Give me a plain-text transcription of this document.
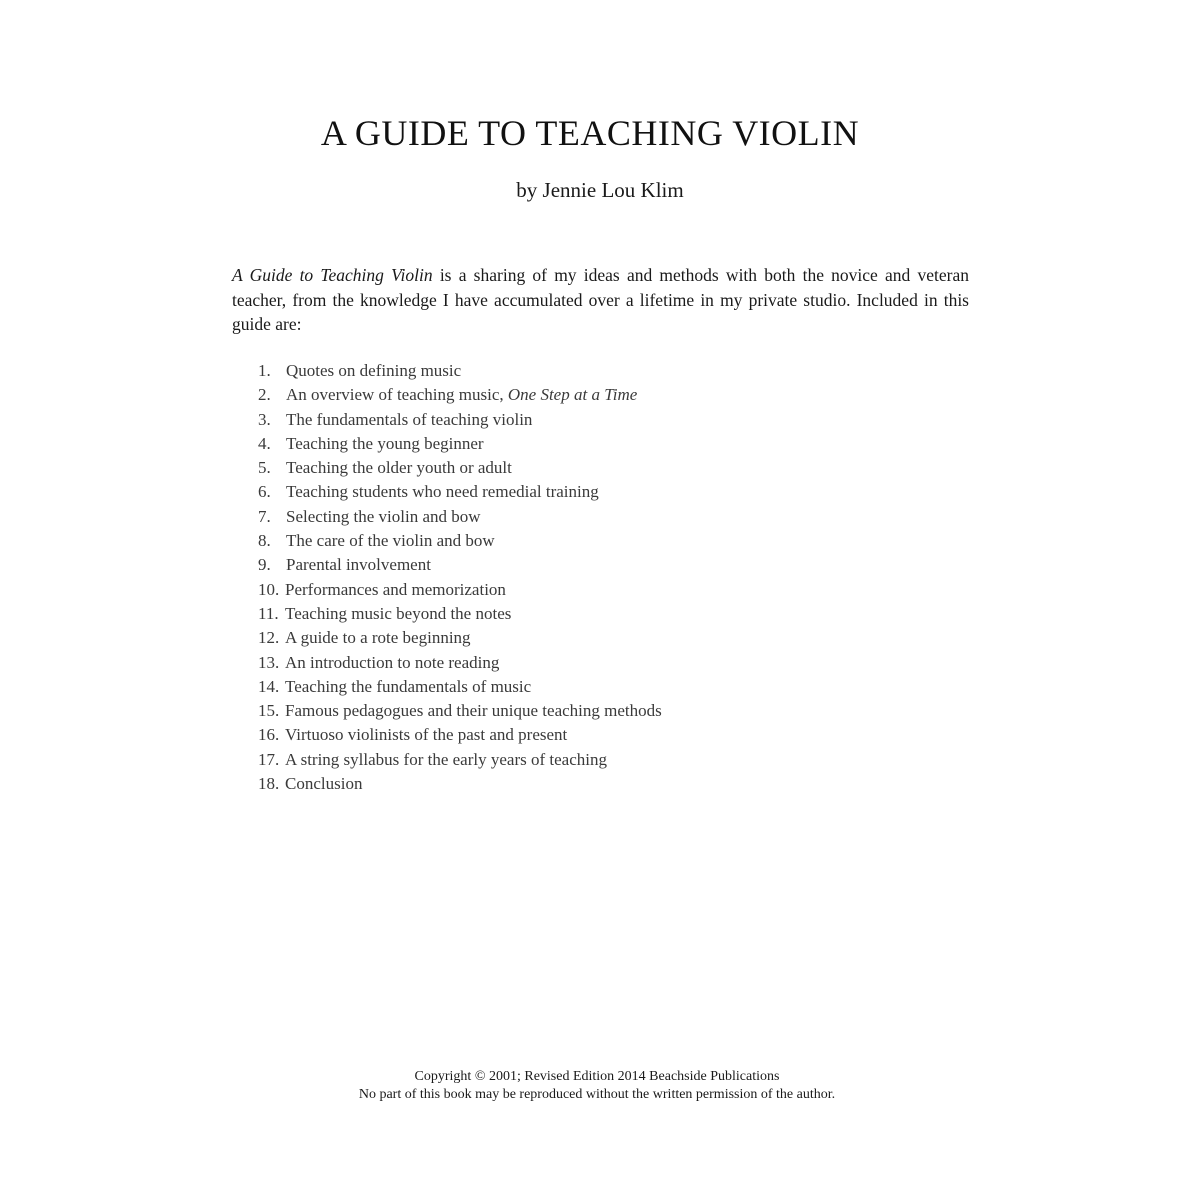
A GUIDE TO TEACHING VIOLIN
by Jennie Lou Klim

A Guide to Teaching Violin is a sharing of my ideas and methods with both the novice and veteran teacher, from the knowledge I have accumulated over a lifetime in my private studio. Included in this guide are:

1. Quotes on defining music
2. An overview of teaching music, One Step at a Time
3. The fundamentals of teaching violin
4. Teaching the young beginner
5. Teaching the older youth or adult
6. Teaching students who need remedial training
7. Selecting the violin and bow
8. The care of the violin and bow
9. Parental involvement
10. Performances and memorization
11. Teaching music beyond the notes
12. A guide to a rote beginning
13. An introduction to note reading
14. Teaching the fundamentals of music
15. Famous pedagogues and their unique teaching methods
16. Virtuoso violinists of the past and present
17. A string syllabus for the early years of teaching
18. Conclusion
Copyright © 2001; Revised Edition 2014 Beachside Publications
No part of this book may be reproduced without the written permission of the author.
